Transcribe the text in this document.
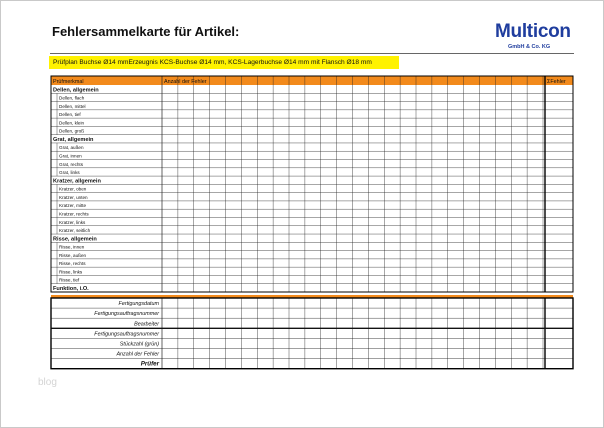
Fehlersammelkarte für Artikel:	Multicon
GmbH & Co. KG
Prüfplan Buchse Ø14 mmErzeugnis KCS-Buchse Ø14 mm, KCS-Lagerbuchse Ø14 mm mit Flansch Ø18 mm
Prüfmerkmal	Anzahl der Fehler	ΣFehler
Dellen, allgemein
Dellen, flach
Dellen, mittel
Dellen, tief
Dellen, klein
Dellen, groß
Grat, allgemein
Grat, außen
Grat, innen
Grat, rechts
Grat, links
Kratzer, allgemein
Kratzer, oben
Kratzer, unten
Kratzer, mitte
Kratzer, rechts
Kratzer, links
Kratzer, seitlich
Risse, allgemein
Risse, innen
Risse, außen
Risse, rechts
Risse, links
Risse, tief
Funktion, i.O.
Fertigungsdatum
Fertigungsauftragsnummer
Bearbeiter
Fertigungsauftragsnummer
Stückzahl (grün)
Anzahl der Fehler
Prüfer
blog
